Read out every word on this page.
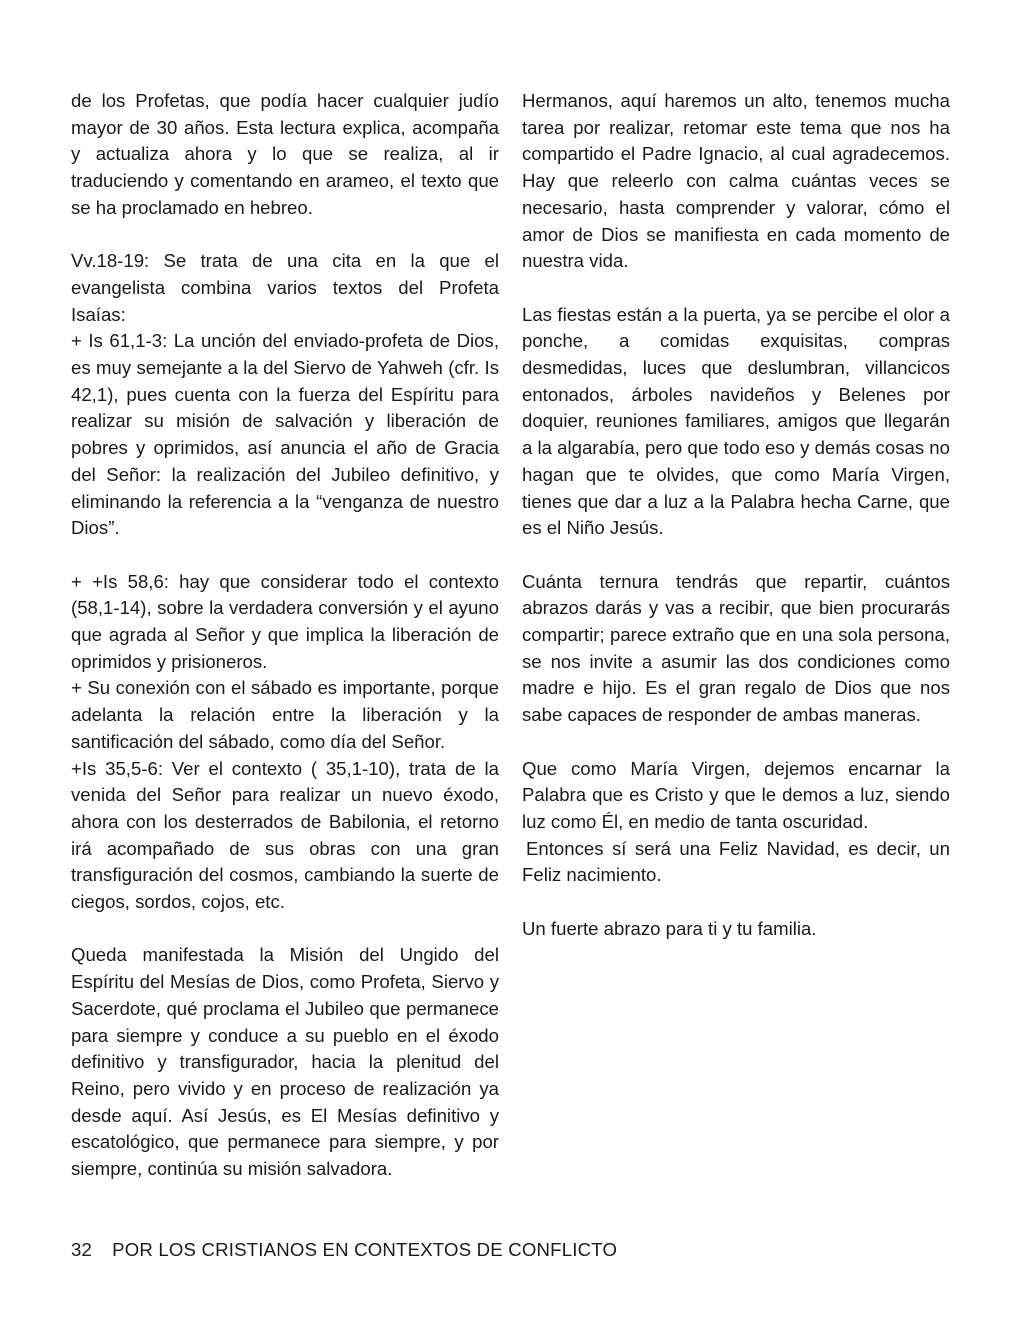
de los Profetas, que podía hacer cualquier judío mayor de 30 años. Esta lectura explica, acompaña y actualiza ahora y lo que se realiza, al ir traduciendo y comentando en arameo, el texto que se ha proclamado en hebreo.

Vv.18-19: Se trata de una cita en la que el evangelista combina varios textos del Profeta Isaías:

+ Is 61,1-3: La unción del enviado-profeta de Dios, es muy semejante a la del Siervo de Yahweh (cfr. Is 42,1), pues cuenta con la fuerza del Espíritu para realizar su misión de salvación y liberación de pobres y oprimidos, así anuncia el año de Gracia del Señor: la realización del Jubileo definitivo, y eliminando la referencia a la “venganza de nuestro Dios”.

+ +Is 58,6: hay que considerar todo el contexto (58,1-14), sobre la verdadera conversión y el ayuno que agrada al Señor y que implica la liberación de oprimidos y prisioneros.

+ Su conexión con el sábado es importante, porque adelanta la relación entre la liberación y la santificación del sábado, como día del Señor.

+Is 35,5-6: Ver el contexto ( 35,1-10), trata de la venida del Señor para realizar un nuevo éxodo, ahora con los desterrados de Babilonia, el retorno irá acompañado de sus obras con una gran transfiguración del cosmos, cambiando la suerte de ciegos, sordos, cojos, etc.

Queda manifestada la Misión del Ungido del Espíritu del Mesías de Dios, como Profeta, Siervo y Sacerdote, qué proclama el Jubileo que permanece para siempre y conduce a su pueblo en el éxodo definitivo y transfigurador, hacia la plenitud del Reino, pero vivido y en proceso de realización ya desde aquí. Así Jesús, es El Mesías definitivo y escatológico, que permanece para siempre, y por siempre, continúa su misión salvadora.

Hermanos, aquí haremos un alto, tenemos mucha tarea por realizar, retomar este tema que nos ha compartido el Padre Ignacio, al cual agradecemos. Hay que releerlo con calma cuántas veces se necesario, hasta comprender y valorar, cómo el amor de Dios se manifiesta en cada momento de nuestra vida.

Las fiestas están a la puerta, ya se percibe el olor a ponche, a comidas exquisitas, compras desmedidas, luces que deslumbran, villancicos entonados, árboles navideños y Belenes por doquier, reuniones familiares, amigos que llegarán a la algarabía, pero que todo eso y demás cosas no hagan que te olvides, que como María Virgen, tienes que dar a luz a la Palabra hecha Carne, que es el Niño Jesús.

Cuánta ternura tendrás que repartir, cuántos abrazos darás y vas a recibir, que bien procurarás compartir; parece extraño que en una sola persona, se nos invite a asumir las dos condiciones como madre e hijo. Es el gran regalo de Dios que nos sabe capaces de responder de ambas maneras.

Que como María Virgen, dejemos encarnar la Palabra que es Cristo y que le demos a luz, siendo luz como Él, en medio de tanta oscuridad.

Entonces sí será una Feliz Navidad, es decir, un Feliz nacimiento.

Un fuerte abrazo para ti y tu familia.

32 POR LOS CRISTIANOS EN CONTEXTOS DE CONFLICTO
